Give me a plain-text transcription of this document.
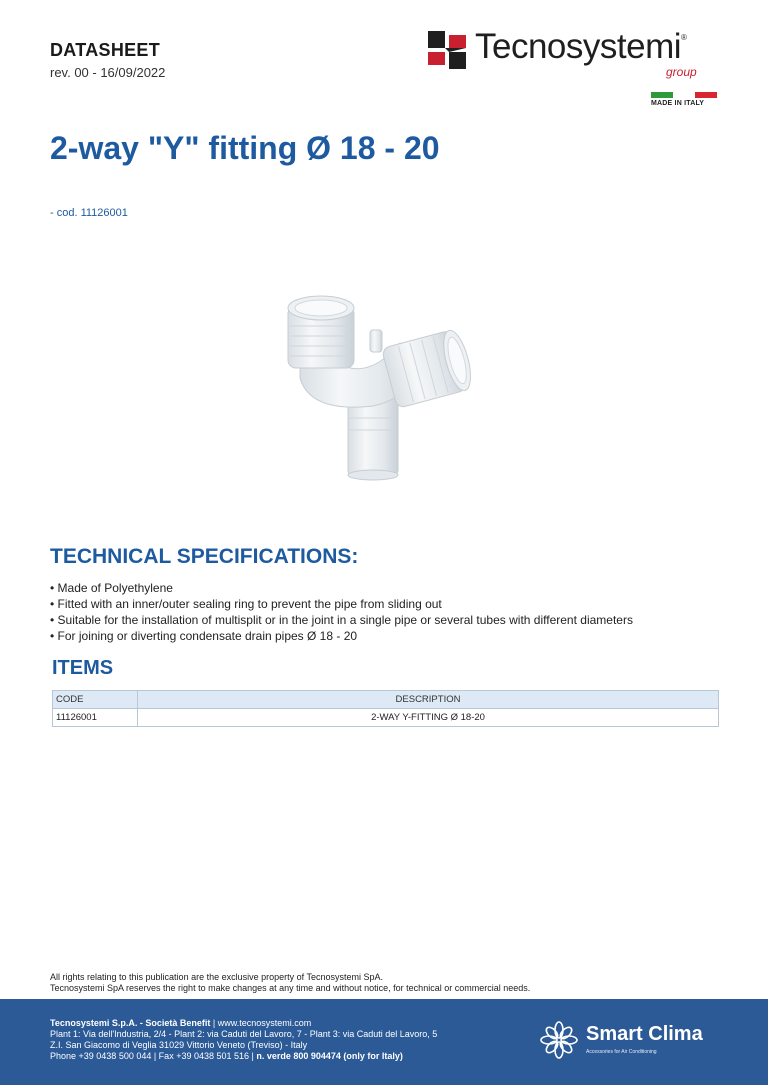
DATASHEET
rev. 00 - 16/09/2022
Tecnosystemi®
group
MADE IN ITALY
2-way "Y" fitting Ø 18 - 20
- cod. 11126001
TECHNICAL SPECIFICATIONS:
• Made of Polyethylene
• Fitted with an inner/outer sealing ring to prevent the pipe from sliding out
• Suitable for the installation of multisplit or in the joint in a single pipe or several tubes with different diameters
• For joining or diverting condensate drain pipes Ø 18 - 20
ITEMS
CODE	DESCRIPTION
11126001	2-WAY Y-FITTING Ø 18-20
All rights relating to this publication are the exclusive property of Tecnosystemi SpA.
Tecnosystemi SpA reserves the right to make changes at any time and without notice, for technical or commercial needs.
Tecnosystemi S.p.A. - Società Benefit | www.tecnosystemi.com
Plant 1: Via dell'Industria, 2/4 - Plant 2: via Caduti del Lavoro, 7 - Plant 3: via Caduti del Lavoro, 5
Z.I. San Giacomo di Veglia 31029 Vittorio Veneto (Treviso) - Italy
Phone +39 0438 500 044 | Fax +39 0438 501 516 | n. verde 800 904474 (only for Italy)
Smart Clima
Accessories for Air Conditioning
